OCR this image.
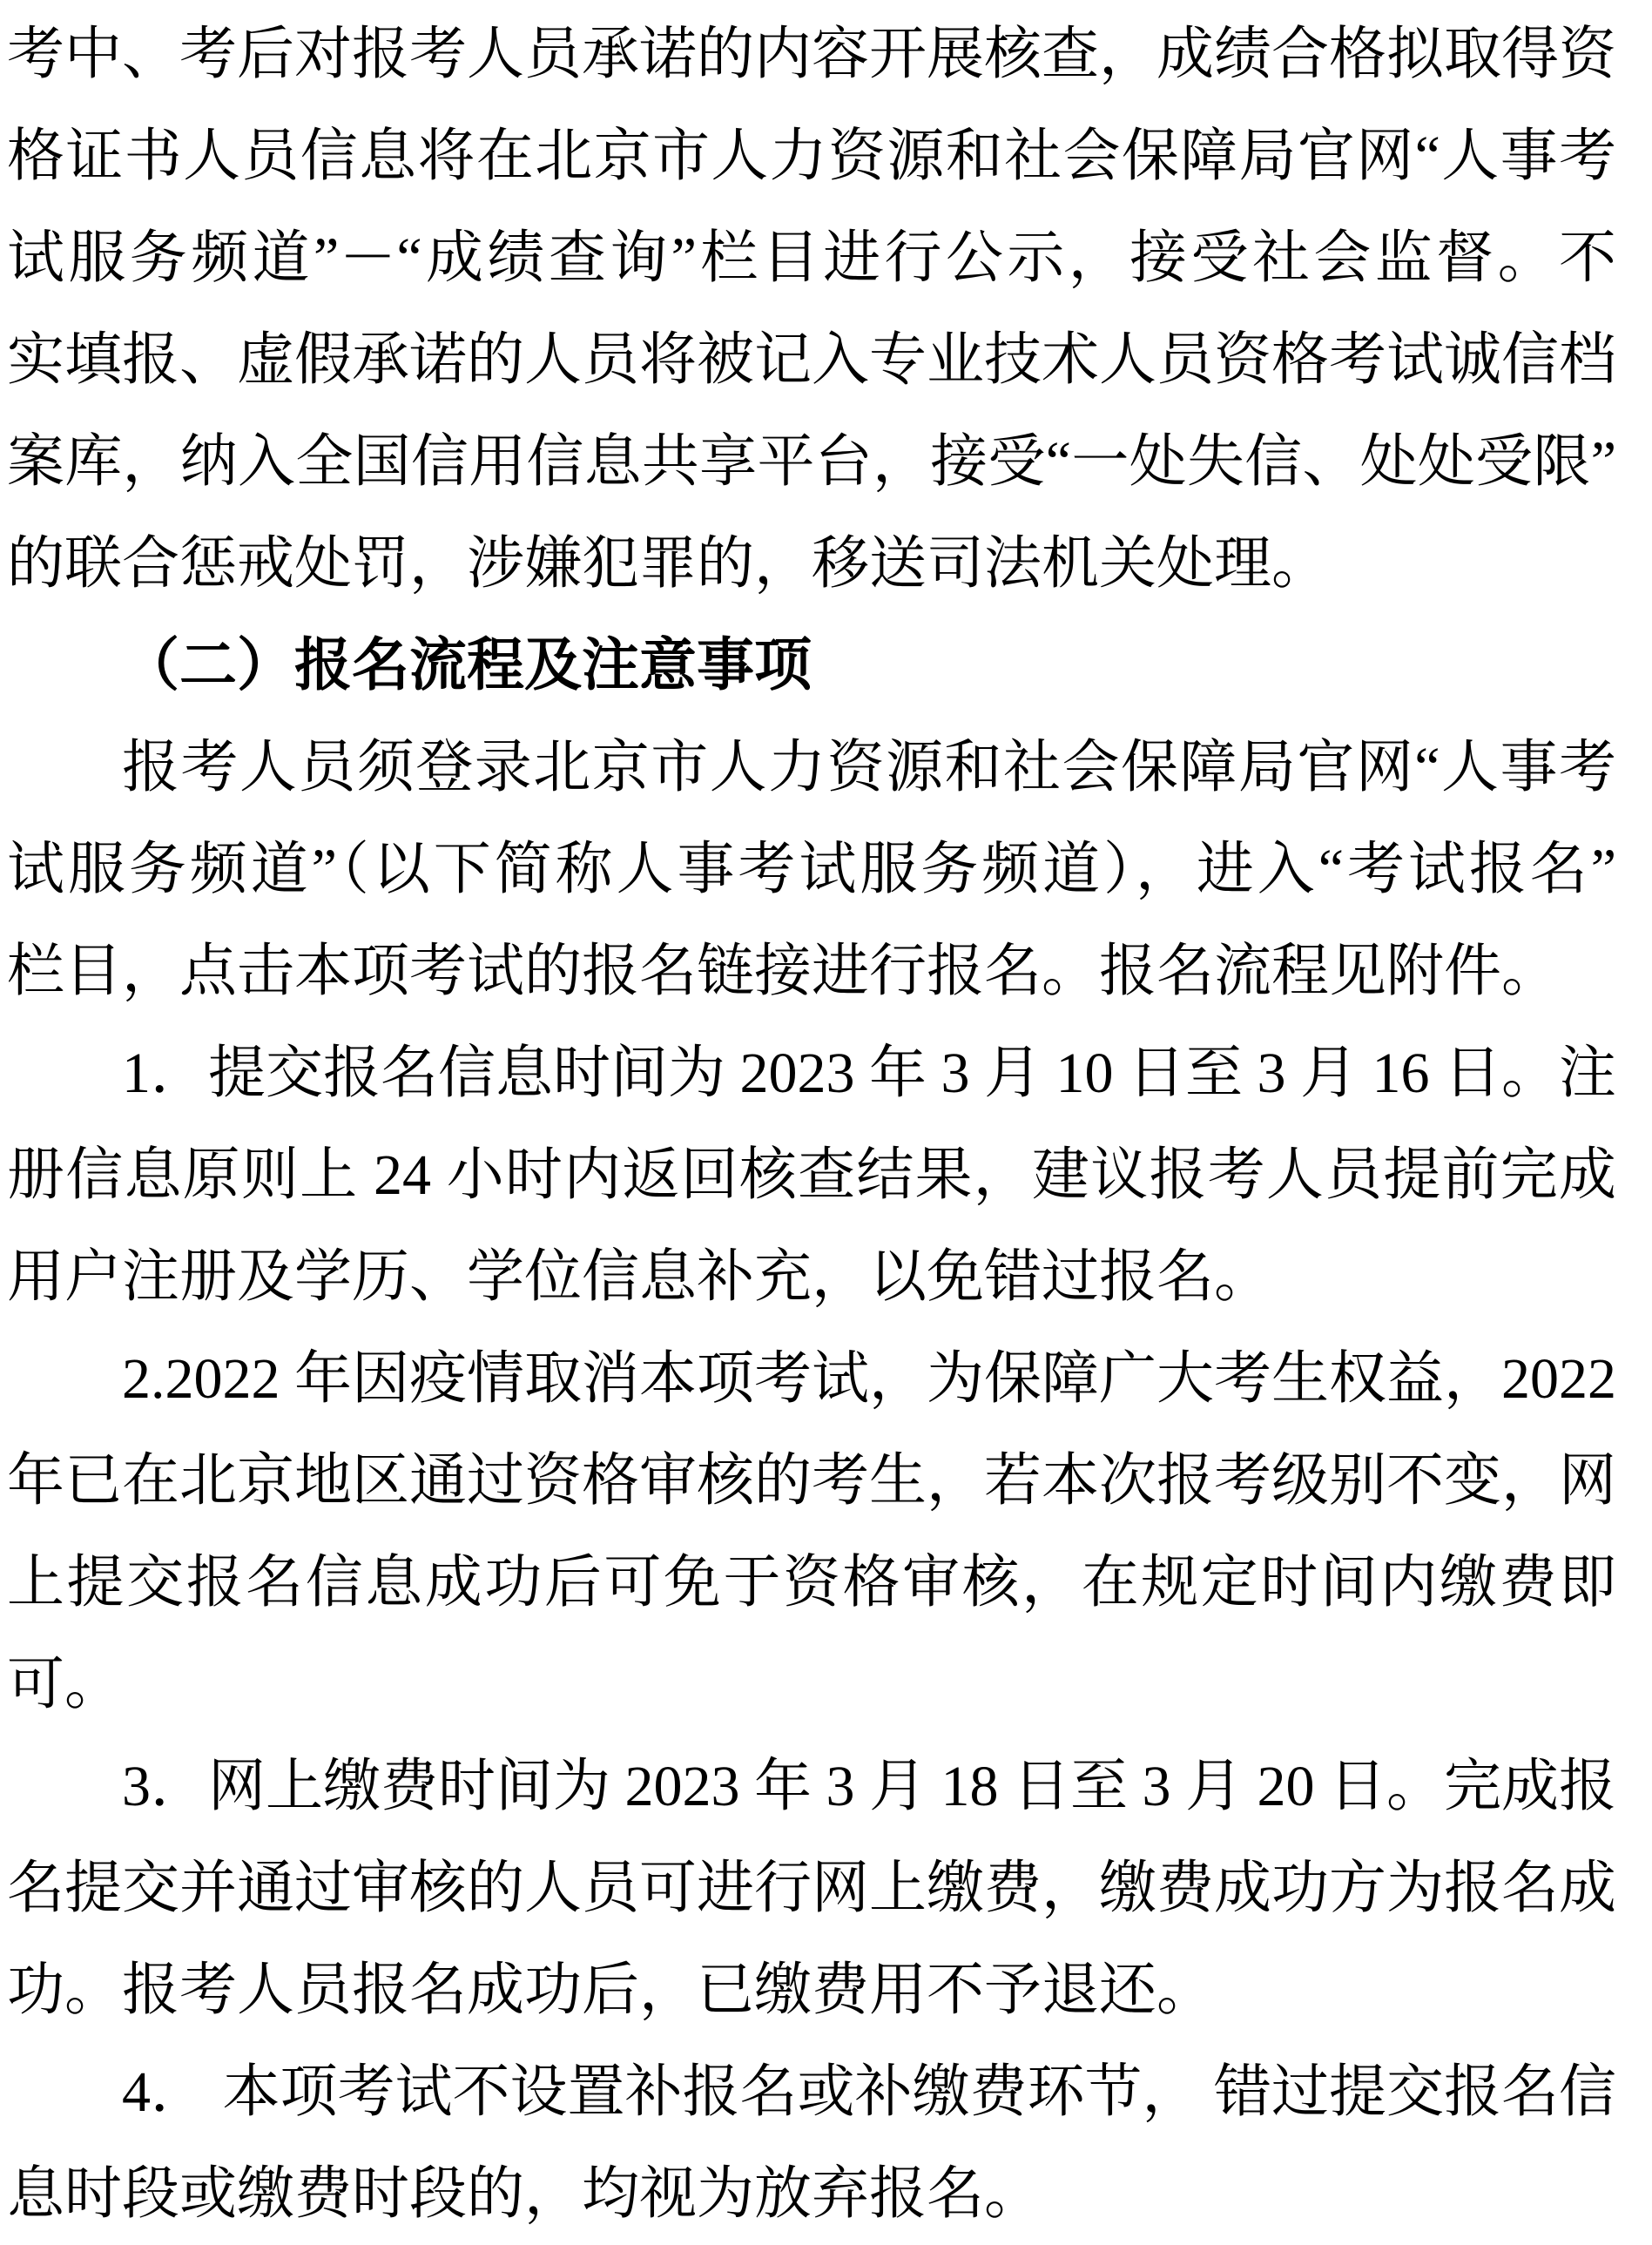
考中、考后对报考人员承诺的内容开展核查，成绩合格拟取得资

格证书人员信息将在北京市人力资源和社会保障局官网“人事考

试服务频道”－“成绩查询”栏目进行公示，接受社会监督。不

实填报、虚假承诺的人员将被记入专业技术人员资格考试诚信档

案库，纳入全国信用信息共享平台，接受“一处失信、处处受限”

的联合惩戒处罚，涉嫌犯罪的，移送司法机关处理。

（二）报名流程及注意事项

报考人员须登录北京市人力资源和社会保障局官网“人事考

试服务频道”（以下简称人事考试服务频道），进入“考试报名”

栏目，点击本项考试的报名链接进行报名。报名流程见附件。

1．提交报名信息时间为 2023 年 3 月 10 日至 3 月 16 日。注

册信息原则上 24 小时内返回核查结果，建议报考人员提前完成

用户注册及学历、学位信息补充，以免错过报名。

2.2022 年因疫情取消本项考试，为保障广大考生权益，2022

年已在北京地区通过资格审核的考生，若本次报考级别不变，网

上提交报名信息成功后可免于资格审核，在规定时间内缴费即

可。

3．网上缴费时间为 2023 年 3 月 18 日至 3 月 20 日。完成报

名提交并通过审核的人员可进行网上缴费，缴费成功方为报名成

功。报考人员报名成功后，已缴费用不予退还。

4． 本项考试不设置补报名或补缴费环节， 错过提交报名信

息时段或缴费时段的，均视为放弃报名。
